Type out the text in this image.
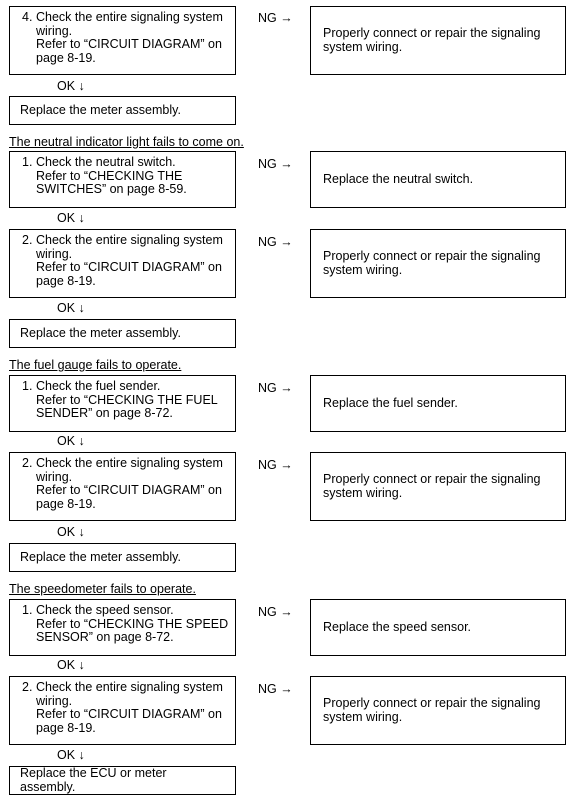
4. Check the entire signaling system
wiring.
Refer to “CIRCUIT DIAGRAM” on
page 8-19.
NG →
Properly connect or repair the signaling
system wiring.
OK ↓
Replace the meter assembly.
The neutral indicator light fails to come on.
1. Check the neutral switch.
Refer to “CHECKING THE
SWITCHES” on page 8-59.
NG →
Replace the neutral switch.
OK ↓
2. Check the entire signaling system
wiring.
Refer to “CIRCUIT DIAGRAM” on
page 8-19.
NG →
Properly connect or repair the signaling
system wiring.
OK ↓
Replace the meter assembly.
The fuel gauge fails to operate.
1. Check the fuel sender.
Refer to “CHECKING THE FUEL
SENDER” on page 8-72.
NG →
Replace the fuel sender.
OK ↓
2. Check the entire signaling system
wiring.
Refer to “CIRCUIT DIAGRAM” on
page 8-19.
NG →
Properly connect or repair the signaling
system wiring.
OK ↓
Replace the meter assembly.
The speedometer fails to operate.
1. Check the speed sensor.
Refer to “CHECKING THE SPEED
SENSOR” on page 8-72.
NG →
Replace the speed sensor.
OK ↓
2. Check the entire signaling system
wiring.
Refer to “CIRCUIT DIAGRAM” on
page 8-19.
NG →
Properly connect or repair the signaling
system wiring.
OK ↓
Replace the ECU or meter assembly.
